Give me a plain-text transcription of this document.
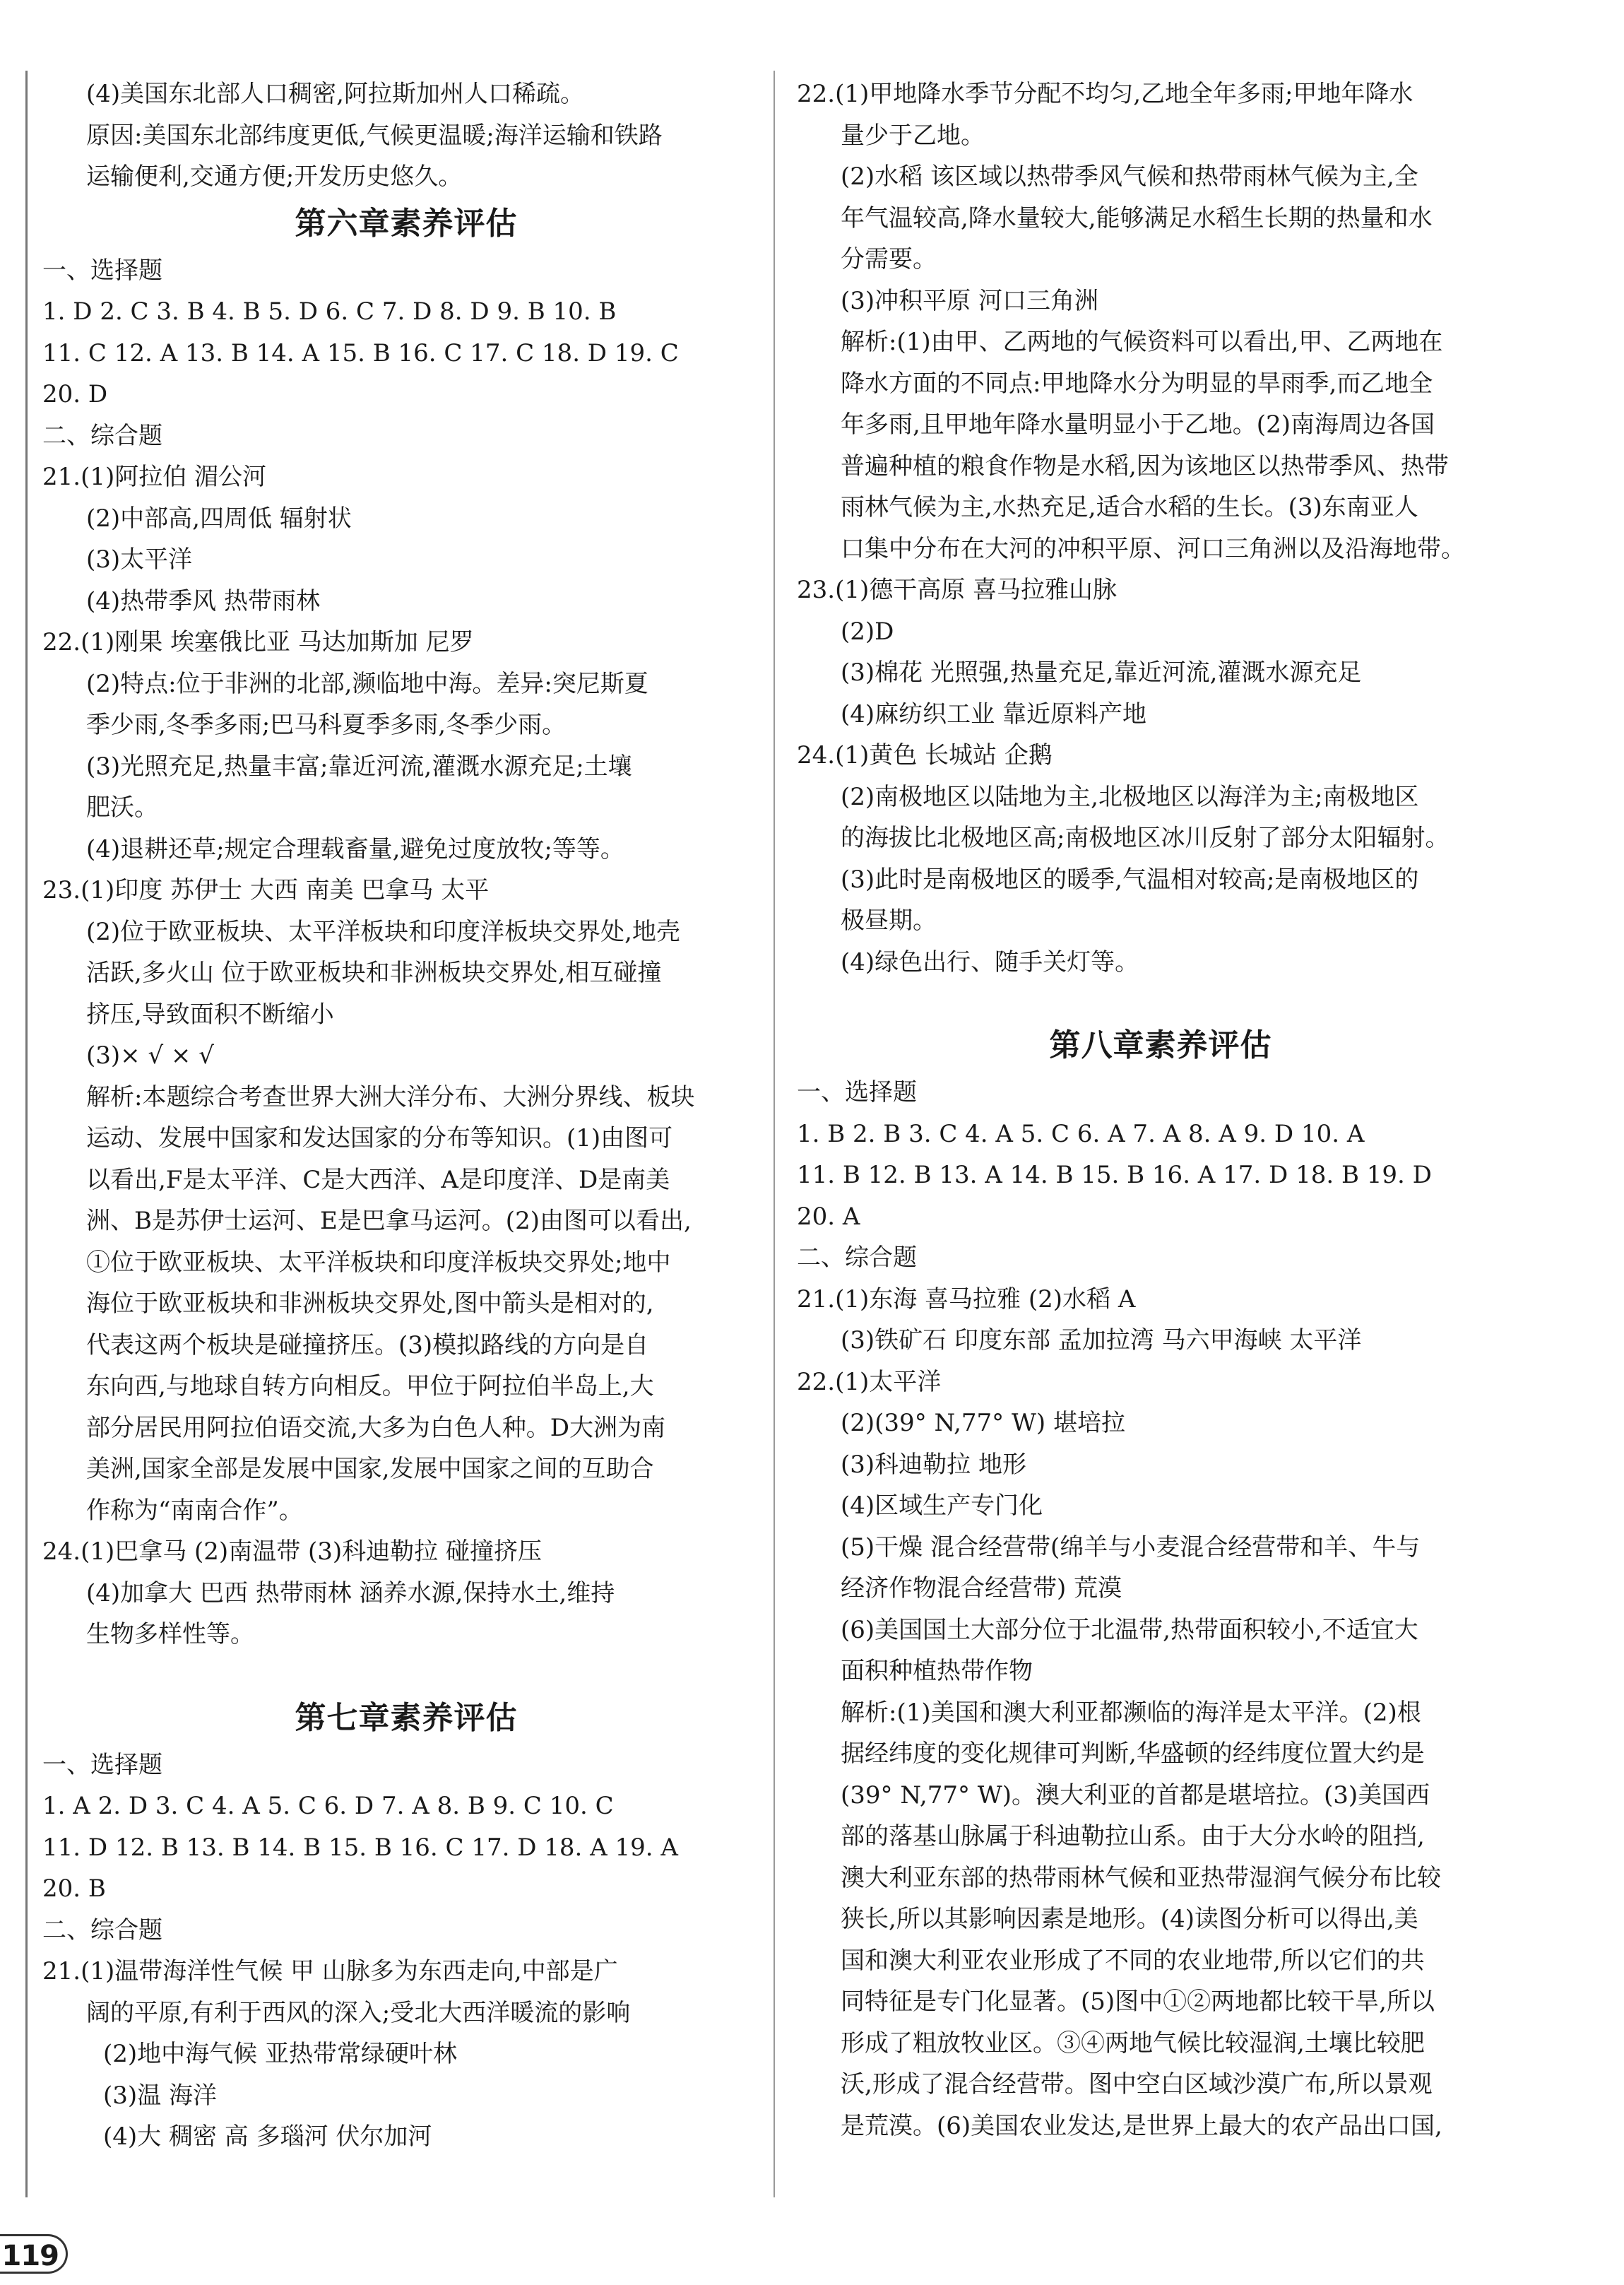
(4)美国东北部人口稠密,阿拉斯加州人口稀疏。
原因:美国东北部纬度更低,气候更温暖;海洋运输和铁路
运输便利,交通方便;开发历史悠久。
第六章素养评估
一、选择题
1. D 2. C 3. B 4. B 5. D 6. C 7. D 8. D 9. B 10. B
11. C 12. A 13. B 14. A 15. B 16. C 17. C 18. D 19. C
20. D
二、综合题
21.(1)阿拉伯 湄公河
(2)中部高,四周低 辐射状
(3)太平洋
(4)热带季风 热带雨林
22.(1)刚果 埃塞俄比亚 马达加斯加 尼罗
(2)特点:位于非洲的北部,濒临地中海。差异:突尼斯夏
季少雨,冬季多雨;巴马科夏季多雨,冬季少雨。
(3)光照充足,热量丰富;靠近河流,灌溉水源充足;土壤
肥沃。
(4)退耕还草;规定合理载畜量,避免过度放牧;等等。
23.(1)印度 苏伊士 大西 南美 巴拿马 太平
(2)位于欧亚板块、太平洋板块和印度洋板块交界处,地壳
活跃,多火山 位于欧亚板块和非洲板块交界处,相互碰撞
挤压,导致面积不断缩小
(3)× √ × √
解析:本题综合考查世界大洲大洋分布、大洲分界线、板块
运动、发展中国家和发达国家的分布等知识。(1)由图可
以看出,F是太平洋、C是大西洋、A是印度洋、D是南美
洲、B是苏伊士运河、E是巴拿马运河。(2)由图可以看出,
①位于欧亚板块、太平洋板块和印度洋板块交界处;地中
海位于欧亚板块和非洲板块交界处,图中箭头是相对的,
代表这两个板块是碰撞挤压。(3)模拟路线的方向是自
东向西,与地球自转方向相反。甲位于阿拉伯半岛上,大
部分居民用阿拉伯语交流,大多为白色人种。D大洲为南
美洲,国家全部是发展中国家,发展中国家之间的互助合
作称为“南南合作”。
24.(1)巴拿马 (2)南温带 (3)科迪勒拉 碰撞挤压
(4)加拿大 巴西 热带雨林 涵养水源,保持水土,维持
生物多样性等。
第七章素养评估
一、选择题
1. A 2. D 3. C 4. A 5. C 6. D 7. A 8. B 9. C 10. C
11. D 12. B 13. B 14. B 15. B 16. C 17. D 18. A 19. A
20. B
二、综合题
21.(1)温带海洋性气候 甲 山脉多为东西走向,中部是广
阔的平原,有利于西风的深入;受北大西洋暖流的影响
(2)地中海气候 亚热带常绿硬叶林
(3)温 海洋
(4)大 稠密 高 多瑙河 伏尔加河
22.(1)甲地降水季节分配不均匀,乙地全年多雨;甲地年降水
量少于乙地。
(2)水稻 该区域以热带季风气候和热带雨林气候为主,全
年气温较高,降水量较大,能够满足水稻生长期的热量和水
分需要。
(3)冲积平原 河口三角洲
解析:(1)由甲、乙两地的气候资料可以看出,甲、乙两地在
降水方面的不同点:甲地降水分为明显的旱雨季,而乙地全
年多雨,且甲地年降水量明显小于乙地。(2)南海周边各国
普遍种植的粮食作物是水稻,因为该地区以热带季风、热带
雨林气候为主,水热充足,适合水稻的生长。(3)东南亚人
口集中分布在大河的冲积平原、河口三角洲以及沿海地带。
23.(1)德干高原 喜马拉雅山脉
(2)D
(3)棉花 光照强,热量充足,靠近河流,灌溉水源充足
(4)麻纺织工业 靠近原料产地
24.(1)黄色 长城站 企鹅
(2)南极地区以陆地为主,北极地区以海洋为主;南极地区
的海拔比北极地区高;南极地区冰川反射了部分太阳辐射。
(3)此时是南极地区的暖季,气温相对较高;是南极地区的
极昼期。
(4)绿色出行、随手关灯等。
第八章素养评估
一、选择题
1. B 2. B 3. C 4. A 5. C 6. A 7. A 8. A 9. D 10. A
11. B 12. B 13. A 14. B 15. B 16. A 17. D 18. B 19. D
20. A
二、综合题
21.(1)东海 喜马拉雅 (2)水稻 A
(3)铁矿石 印度东部 孟加拉湾 马六甲海峡 太平洋
22.(1)太平洋
(2)(39° N,77° W) 堪培拉
(3)科迪勒拉 地形
(4)区域生产专门化
(5)干燥 混合经营带(绵羊与小麦混合经营带和羊、牛与
经济作物混合经营带) 荒漠
(6)美国国土大部分位于北温带,热带面积较小,不适宜大
面积种植热带作物
解析:(1)美国和澳大利亚都濒临的海洋是太平洋。(2)根
据经纬度的变化规律可判断,华盛顿的经纬度位置大约是
(39° N,77° W)。澳大利亚的首都是堪培拉。(3)美国西
部的落基山脉属于科迪勒拉山系。由于大分水岭的阻挡,
澳大利亚东部的热带雨林气候和亚热带湿润气候分布比较
狭长,所以其影响因素是地形。(4)读图分析可以得出,美
国和澳大利亚农业形成了不同的农业地带,所以它们的共
同特征是专门化显著。(5)图中①②两地都比较干旱,所以
形成了粗放牧业区。③④两地气候比较湿润,土壤比较肥
沃,形成了混合经营带。图中空白区域沙漠广布,所以景观
是荒漠。(6)美国农业发达,是世界上最大的农产品出口国,
119
